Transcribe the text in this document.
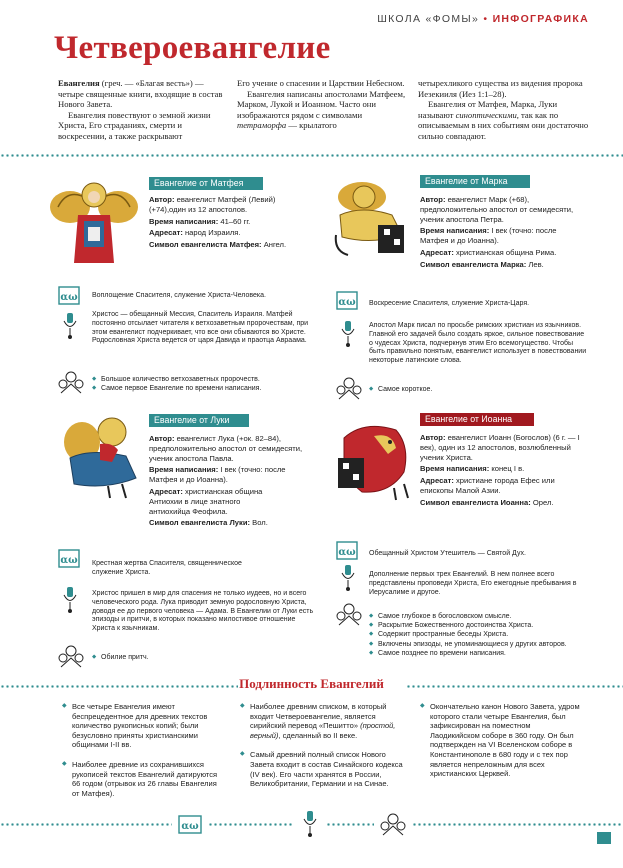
ШКОЛА «ФОМЫ» • ИНФОГРАФИКА
Четвероевангелие

Евангелия (греч. — «Благая весть») — четыре священные книги, входящие в состав Нового Завета.

Евангелия повествуют о земной жизни Христа, Его страданиях, смерти и воскресении, а также раскрывают

Его учение о спасении и Царствии Небесном.

Евангелия написаны апостолами Матфеем, Марком, Лукой и Иоанном. Часто они изображаются рядом с символами тетраморфа — крылатого

четырехликого существа из видения пророка Иезекииля (Иез 1:1–28).

Евангелия от Матфея, Марка, Луки называют синоптическими, так как по описываемым в них событиям они достаточно сильно совпадают.

Евангелие от Матфея

Автор: евангелист Матфей (Левий) (+74),один из 12 апостолов.

Время написания: 41–60 гг.

Адресат: народ Израиля.

Символ евангелиста Матфея: Ангел.

αω Воплощение Спасителя, служение Христа-Человека.
Христос — обещанный Мессия, Спаситель Израиля. Матфей постоянно отсылает читателя к ветхозаветным пророчествам, при этом евангелист подчеркивает, что все они сбываются во Христе. Родословная Христа ведется от царя Давида и праотца Авраама.
◆ Большое количество ветхозаветных пророчеств.
◆ Самое первое Евангелие по времени написания.
Евангелие от Марка

Автор: евангелист Марк (+68), предположительно апостол от семидесяти, ученик апостола Петра.

Время написания: I век (точно: после Матфея и до Иоанна).

Адресат: христианская община Рима.

Символ евангелиста Марка: Лев.

αω Воскресение Спасителя, служение Христа-Царя.
Апостол Марк писал по просьбе римских христиан из язычников. Главной его задачей было создать яркое, сильное повествование о чудесах Христа, подчеркнув этим Его всемогущество. Чтобы быть правильно понятым, евангелист использует в повествовании некоторые латинские слова.
◆ Самое короткое.
Евангелие от Луки

Автор: евангелист Лука (+ок. 82–84), предположительно апостол от семидесяти, ученик апостола Павла.

Время написания: I век (точно: после Матфея и до Иоанна).

Адресат: христианская община Антиохии в лице знатного антиохийца Феофила.

Символ евангелиста Луки: Вол.

αω Крестная жертва Спасителя, священническое служение Христа.
Христос пришел в мир для спасения не только иудеев, но и всего человеческого рода. Лука приводит земную родословную Христа, доводя ее до первого человека — Адама. В Евангелии от Луки есть эпизоды и притчи, в которых показано милостивое отношение Христа к язычникам.
◆ Обилие притч.
Евангелие от Иоанна

Автор: евангелист Иоанн (Богослов) (6 г. — I век), один из 12 апостолов, возлюбленный ученик Христа.

Время написания: конец I в.

Адресат: христиане города Ефес или епископы Малой Азии.

Символ евангелиста Иоанна: Орел.

αω Обещанный Христом Утешитель — Святой Дух.
Дополнение первых трех Евангелий. В нем полнее всего представлены проповеди Христа, Его ежегодные пребывания в Иерусалиме и другое.
◆ Самое глубокое в богословском смысле.
◆ Раскрытие Божественного достоинства Христа.
◆ Содержит пространные беседы Христа.
◆ Включены эпизоды, не упоминающиеся у других авторов.
◆ Самое позднее по времени написания.
Подлинность Евангелий
◆ Все четыре Евангелия имеют беспрецедентное для древних текстов количество рукописных копий; были безусловно приняты христианскими общинами I-II вв.
◆ Наиболее древние из сохранившихся рукописей текстов Евангелий датируются 66 годом (отрывок из 26 главы Евангелия от Матфея).
◆ Наиболее древним списком, в который входит Четвероевангелие, является сирийский перевод «Пешитто» (простой, верный), сделанный во II веке.
◆ Самый древний полный список Нового Завета входит в состав Синайского кодекса (IV век). Его части хранятся в России, Великобритании, Германии и на Синае.
◆ Окончательно канон Нового Завета, удром которого стали четыре Евангелия, был зафиксирован на поместном Лаодикийском соборе в 360 году. Он был подтвержден на VI Вселенском соборе в Константинополе в 680 году и с тех пор является непреложным для всех христианских Церквей.
αω
